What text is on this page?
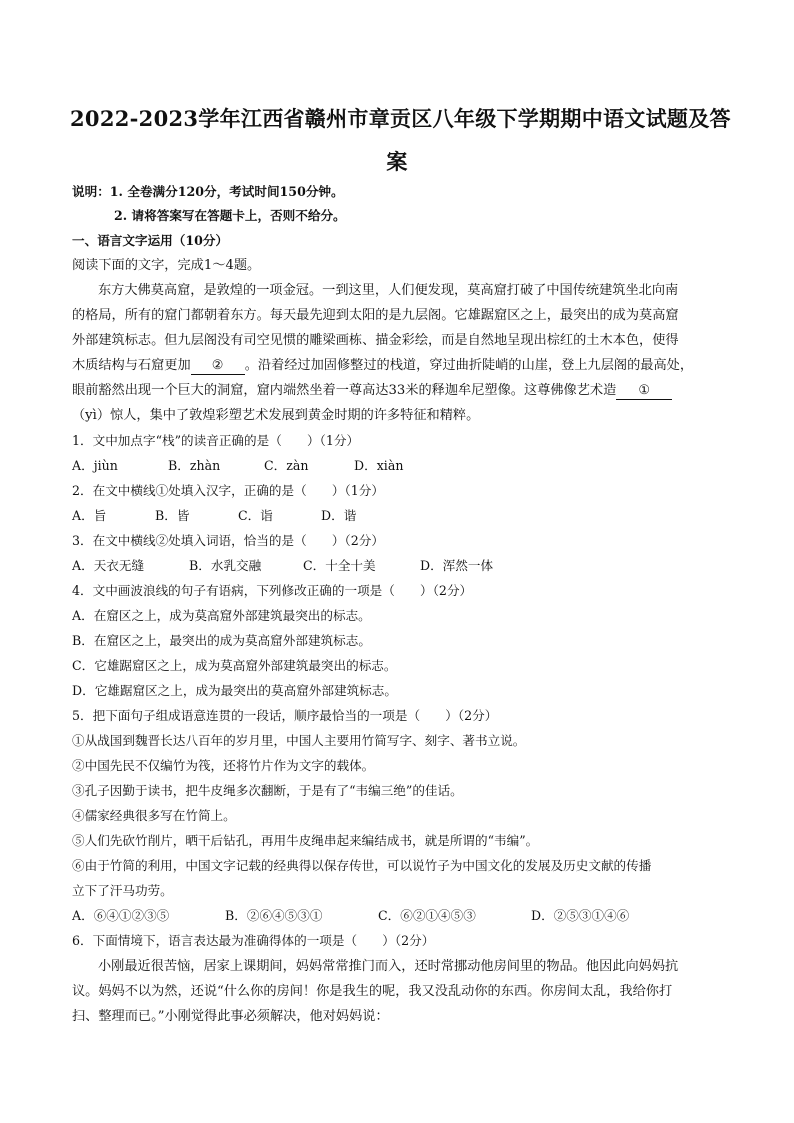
2022-2023学年江西省赣州市章贡区八年级下学期期中语文试题及答
案
说明：1. 全卷满分120分，考试时间150分钟。
2. 请将答案写在答题卡上，否则不给分。
一、语言文字运用（10分）
阅读下面的文字，完成1～4题。
东方大佛莫高窟，是敦煌的一项金冠。一到这里，人们便发现，莫高窟打破了中国传统建筑坐北向南
的格局，所有的窟门都朝着东方。每天最先迎到太阳的是九层阁。它雄踞窟区之上，最突出的成为莫高窟
外部建筑标志。但九层阁没有司空见惯的雕梁画栋、描金彩绘，而是自然地呈现出棕红的土木本色，使得
木质结构与石窟更加 ② 。沿着经过加固修整过的栈道，穿过曲折陡峭的山崖，登上九层阁的最高处，
眼前豁然出现一个巨大的洞窟，窟内端然坐着一尊高达33米的释迦牟尼塑像。这尊佛像艺术造 ①
（yì）惊人，集中了敦煌彩塑艺术发展到黄金时期的许多特征和精粹。
1．文中加点字“栈”的读音正确的是（　　）（1分）
A．jiùn	B．zhàn	C．zàn	D．xiàn
2．在文中横线①处填入汉字，正确的是（　　）（1分）
A．旨	B．皆	C．诣	D．谐
3．在文中横线②处填入词语，恰当的是（　　）（2分）
A．天衣无缝	B．水乳交融	C．十全十美	D．浑然一体
4．文中画波浪线的句子有语病，下列修改正确的一项是（　　）（2分）
A．在窟区之上，成为莫高窟外部建筑最突出的标志。
B．在窟区之上，最突出的成为莫高窟外部建筑标志。
C．它雄踞窟区之上，成为莫高窟外部建筑最突出的标志。
D．它雄踞窟区之上，成为最突出的莫高窟外部建筑标志。
5．把下面句子组成语意连贯的一段话，顺序最恰当的一项是（　　）（2分）
①从战国到魏晋长达八百年的岁月里，中国人主要用竹简写字、刻字、著书立说。
②中国先民不仅编竹为筏，还将竹片作为文字的载体。
③孔子因勤于读书，把牛皮绳多次翻断，于是有了“韦编三绝”的佳话。
④儒家经典很多写在竹简上。
⑤人们先砍竹削片，晒干后钻孔，再用牛皮绳串起来编结成书，就是所谓的“韦编”。
⑥由于竹简的利用，中国文字记载的经典得以保存传世，可以说竹子为中国文化的发展及历史文献的传播
立下了汗马功劳。
A．⑥④①②③⑤	B．②⑥④⑤③①	C．⑥②①④⑤③	D．②⑤③①④⑥
6．下面情境下，语言表达最为准确得体的一项是（　　）（2分）
小刚最近很苦恼，居家上课期间，妈妈常常推门而入，还时常挪动他房间里的物品。他因此向妈妈抗
议。妈妈不以为然，还说“什么你的房间！你是我生的呢，我又没乱动你的东西。你房间太乱，我给你打
扫、整理而已。”小刚觉得此事必须解决，他对妈妈说：
